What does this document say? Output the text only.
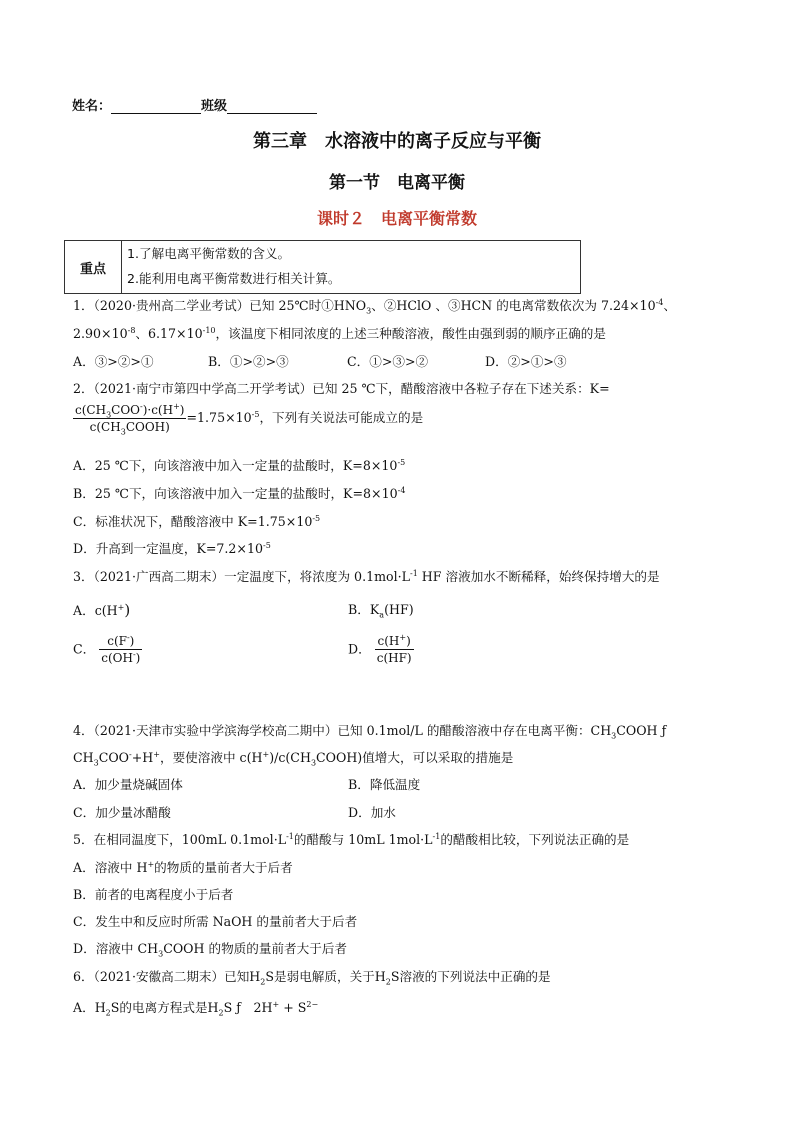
姓名：	班级
第三章　水溶液中的离子反应与平衡
第一节　电离平衡
课时２　电离平衡常数
重点
1.了解电离平衡常数的含义。
2.能利用电离平衡常数进行相关计算。
1．（2020·贵州高二学业考试）已知 25℃时$①HNO_3$、②HClO 、③HCN 的电离常数依次为 $7.24\times 10^{-4}$、
$2.90\times 10^{-8}$、$6.17\times 10^{-10}$，该温度下相同浓度的上述三种酸溶液，酸性由强到弱的顺序正确的是
A．③>②>①	B．①>②>③	C．①>③>②	D．②>①>③
2．（2021·南宁市第四中学高二开学考试）已知 25 ℃下，醋酸溶液中各粒子存在下述关系：K=
$\frac{c(CH_3COO^-)\cdot c(H^+)}{c(CH_3COOH)} =1.75\times 10^{-5}$，下列有关说法可能成立的是
A．25 ℃下，向该溶液中加入一定量的盐酸时，$K=8\times 10^{-5}$
B．25 ℃下，向该溶液中加入一定量的盐酸时，$K=8\times 10^{-4}$
C．标准状况下，醋酸溶液中 $K=1.75\times 10^{-5}$
D．升高到一定温度，$K=7.2\times 10^{-5}$
3．（2021·广西高二期末）一定温度下，将浓度为 $0.1mol\cdot L^{-1}$ HF 溶液加水不断稀释，始终保持增大的是
A．c(H+)	B．$K_a(HF)$
C． $\frac{c(F^-)}{c(OH^-)}$	D． $\frac{c(H^+)}{c(HF)}$
4．（2021·天津市实验中学滨海学校高二期中）已知 0.1mol/L 的醋酸溶液中存在电离平衡：$CH_3COOH$ ƒ
$CH_3COO^-+H^+$，要使溶液中 $c(H^+)/c(CH_3COOH)$值增大，可以采取的措施是
A．加少量烧碱固体	B．降低温度
C．加少量冰醋酸	D．加水
5．在相同温度下，100mL $0.1mol\cdot L^{-1}$的醋酸与 10mL $1mol\cdot L^{-1}$的醋酸相比较，下列说法正确的是
A．溶液中 H+的物质的量前者大于后者
B．前者的电离程度小于后者
C．发生中和反应时所需 NaOH 的量前者大于后者
D．溶液中 $CH_3COOH$ 的物质的量前者大于后者
6．（2021·安徽高二期末）已知$H_2S$是弱电解质，关于$H_2S$溶液的下列说法中正确的是
A．$H_2S$的电离方程式是$H_2S$ ƒ　$2H^+ + S^{2-}$
